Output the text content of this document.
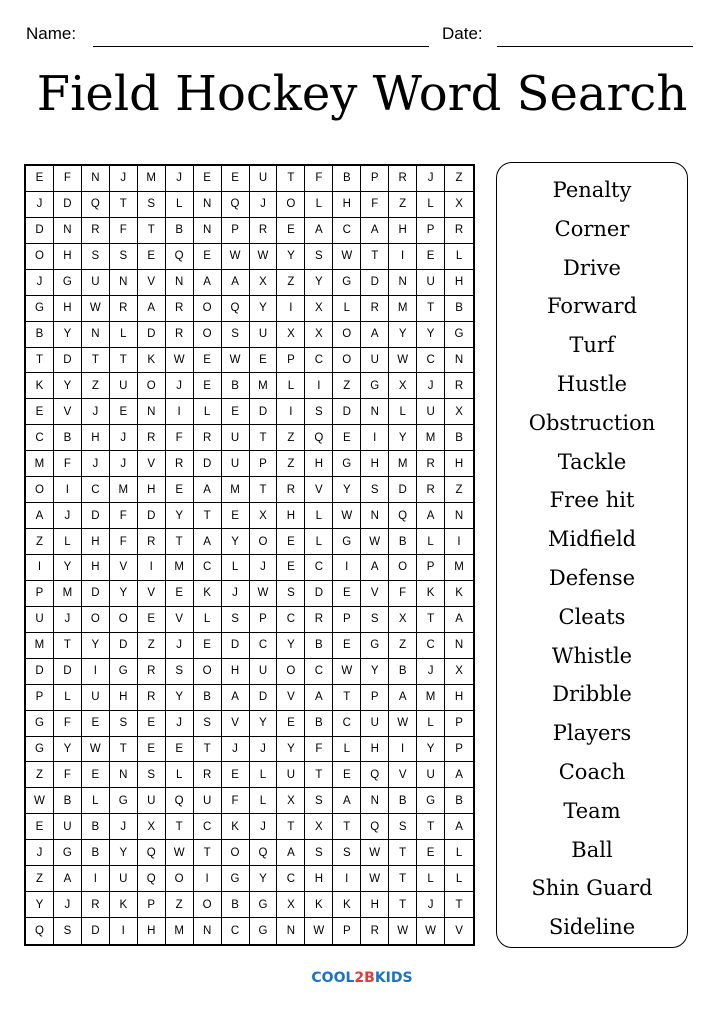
Name:	Date:
Field Hockey Word Search
E	F	N	J	M	J	E	E	U	T	F	B	P	R	J	Z
J	D	Q	T	S	L	N	Q	J	O	L	H	F	Z	L	X
D	N	R	F	T	B	N	P	R	E	A	C	A	H	P	R
O	H	S	S	E	Q	E	W	W	Y	S	W	T	I	E	L
J	G	U	N	V	N	A	A	X	Z	Y	G	D	N	U	H
G	H	W	R	A	R	O	Q	Y	I	X	L	R	M	T	B
B	Y	N	L	D	R	O	S	U	X	X	O	A	Y	Y	G
T	D	T	T	K	W	E	W	E	P	C	O	U	W	C	N
K	Y	Z	U	O	J	E	B	M	L	I	Z	G	X	J	R
E	V	J	E	N	I	L	E	D	I	S	D	N	L	U	X
C	B	H	J	R	F	R	U	T	Z	Q	E	I	Y	M	B
M	F	J	J	V	R	D	U	P	Z	H	G	H	M	R	H
O	I	C	M	H	E	A	M	T	R	V	Y	S	D	R	Z
A	J	D	F	D	Y	T	E	X	H	L	W	N	Q	A	N
Z	L	H	F	R	T	A	Y	O	E	L	G	W	B	L	I
I	Y	H	V	I	M	C	L	J	E	C	I	A	O	P	M
P	M	D	Y	V	E	K	J	W	S	D	E	V	F	K	K
U	J	O	O	E	V	L	S	P	C	R	P	S	X	T	A
M	T	Y	D	Z	J	E	D	C	Y	B	E	G	Z	C	N
D	D	I	G	R	S	O	H	U	O	C	W	Y	B	J	X
P	L	U	H	R	Y	B	A	D	V	A	T	P	A	M	H
G	F	E	S	E	J	S	V	Y	E	B	C	U	W	L	P
G	Y	W	T	E	E	T	J	J	Y	F	L	H	I	Y	P
Z	F	E	N	S	L	R	E	L	U	T	E	Q	V	U	A
W	B	L	G	U	Q	U	F	L	X	S	A	N	B	G	B
E	U	B	J	X	T	C	K	J	T	X	T	Q	S	T	A
J	G	B	Y	Q	W	T	O	Q	A	S	S	W	T	E	L
Z	A	I	U	Q	O	I	G	Y	C	H	I	W	T	L	L
Y	J	R	K	P	Z	O	B	G	X	K	K	H	T	J	T
Q	S	D	I	H	M	N	C	G	N	W	P	R	W	W	V
Penalty
Corner
Drive
Forward
Turf
Hustle
Obstruction
Tackle
Free hit
Midfield
Defense
Cleats
Whistle
Dribble
Players
Coach
Team
Ball
Shin Guard
Sideline
COOL2BKIDS
